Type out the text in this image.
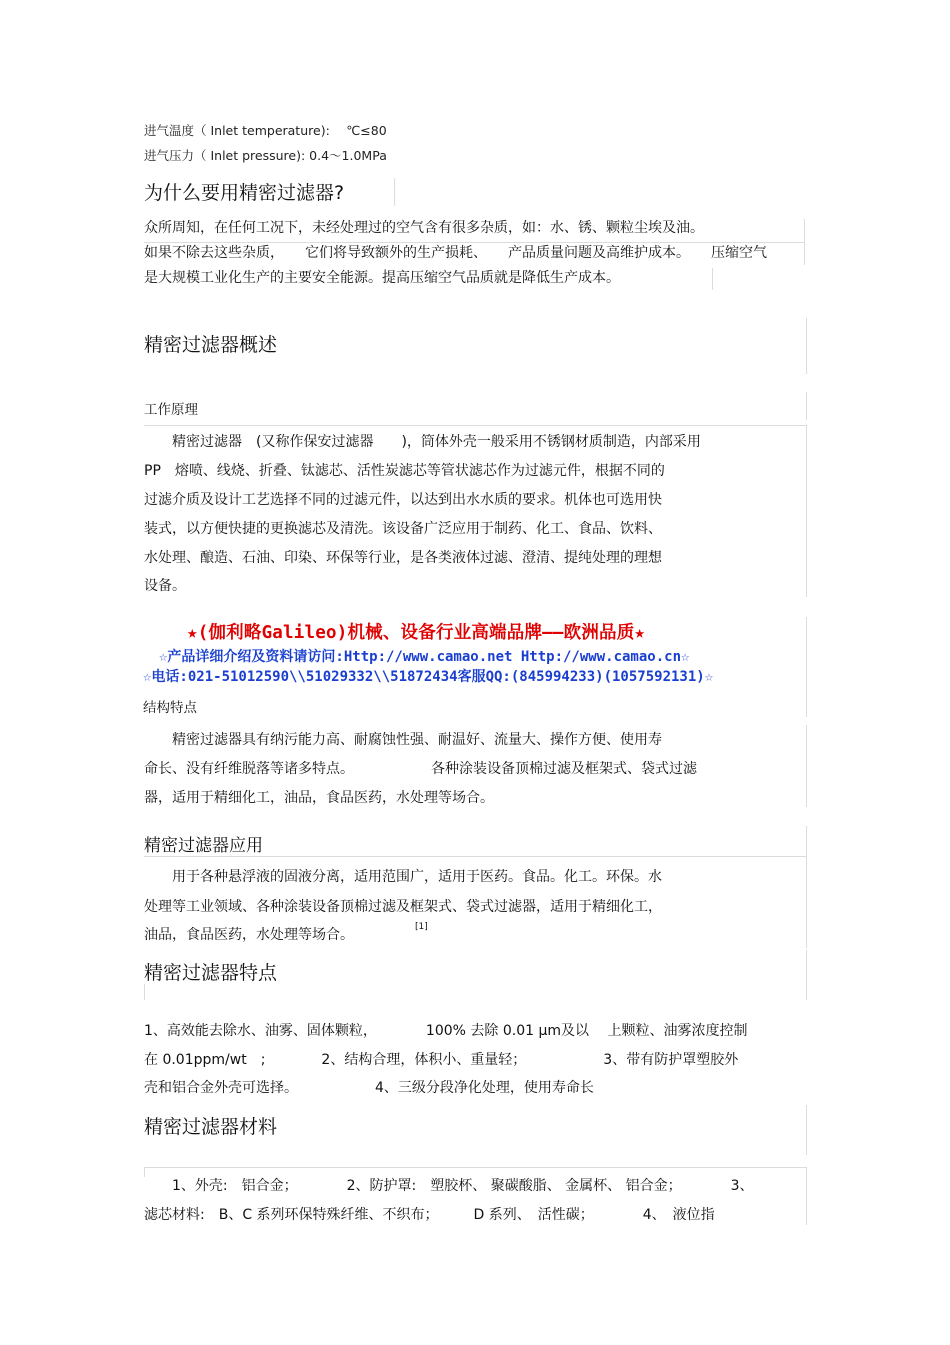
进气温度（ Inlet temperature):　 ℃≤80
进气压力（ Inlet pressure): 0.4～1.0MPa
为什么要用精密过滤器?
众所周知，在任何工况下，未经处理过的空气含有很多杂质，如：水、锈、颗粒尘埃及油。
如果不除去这些杂质，　　它们将导致额外的生产损耗、　　产品质量问题及高维护成本。　　压缩空气
是大规模工业化生产的主要安全能源。提高压缩空气品质就是降低生产成本。
精密过滤器概述
工作原理
　　精密过滤器　(又称作保安过滤器　　)，筒体外壳一般采用不锈钢材质制造，内部采用
PP　熔喷、线烧、折叠、钛滤芯、活性炭滤芯等管状滤芯作为过滤元件，根据不同的
过滤介质及设计工艺选择不同的过滤元件，以达到出水水质的要求。机体也可选用快
装式，以方便快捷的更换滤芯及清洗。该设备广泛应用于制药、化工、食品、饮料、
水处理、酿造、石油、印染、环保等行业，是各类液体过滤、澄清、提纯处理的理想
设备。
★(伽利略Galileo)机械、设备行业高端品牌——欧洲品质★
☆产品详细介绍及资料请访问:Http://www.camao.net Http://www.camao.cn☆
☆电话:021-51012590\\51029332\\51872434客服QQ:(845994233)(1057592131)☆
结构特点
　　精密过滤器具有纳污能力高、耐腐蚀性强、耐温好、流量大、操作方便、使用寿
命长、没有纤维脱落等诸多特点。　　　　　　各种涂装设备顶棉过滤及框架式、袋式过滤
器，适用于精细化工，油品，食品医药，水处理等场合。
精密过滤器应用
　　用于各种悬浮液的固液分离，适用范围广，适用于医药。食品。化工。环保。水
处理等工业领域、各种涂装设备顶棉过滤及框架式、袋式过滤器，适用于精细化工，
油品，食品医药，水处理等场合。	[1]
精密过滤器特点
1、高效能去除水、油雾、固体颗粒，　　　　100% 去除 0.01 μm及以　 上颗粒、油雾浓度控制
在 0.01ppm/wt　;　　　　2、结构合理，体积小、重量轻；　　　　　　3、带有防护罩塑胶外
壳和铝合金外壳可选择。　　　　　　4、三级分段净化处理，使用寿命长
精密过滤器材料
　　1、外壳:　铝合金；　　　　2、防护罩:　塑胶杯、 聚碳酸脂、 金属杯、 铝合金；　　　　3、
滤芯材料:　B、C 系列环保特殊纤维、不织布；　　　D 系列、　活性碳；　　　　4、　液位指
